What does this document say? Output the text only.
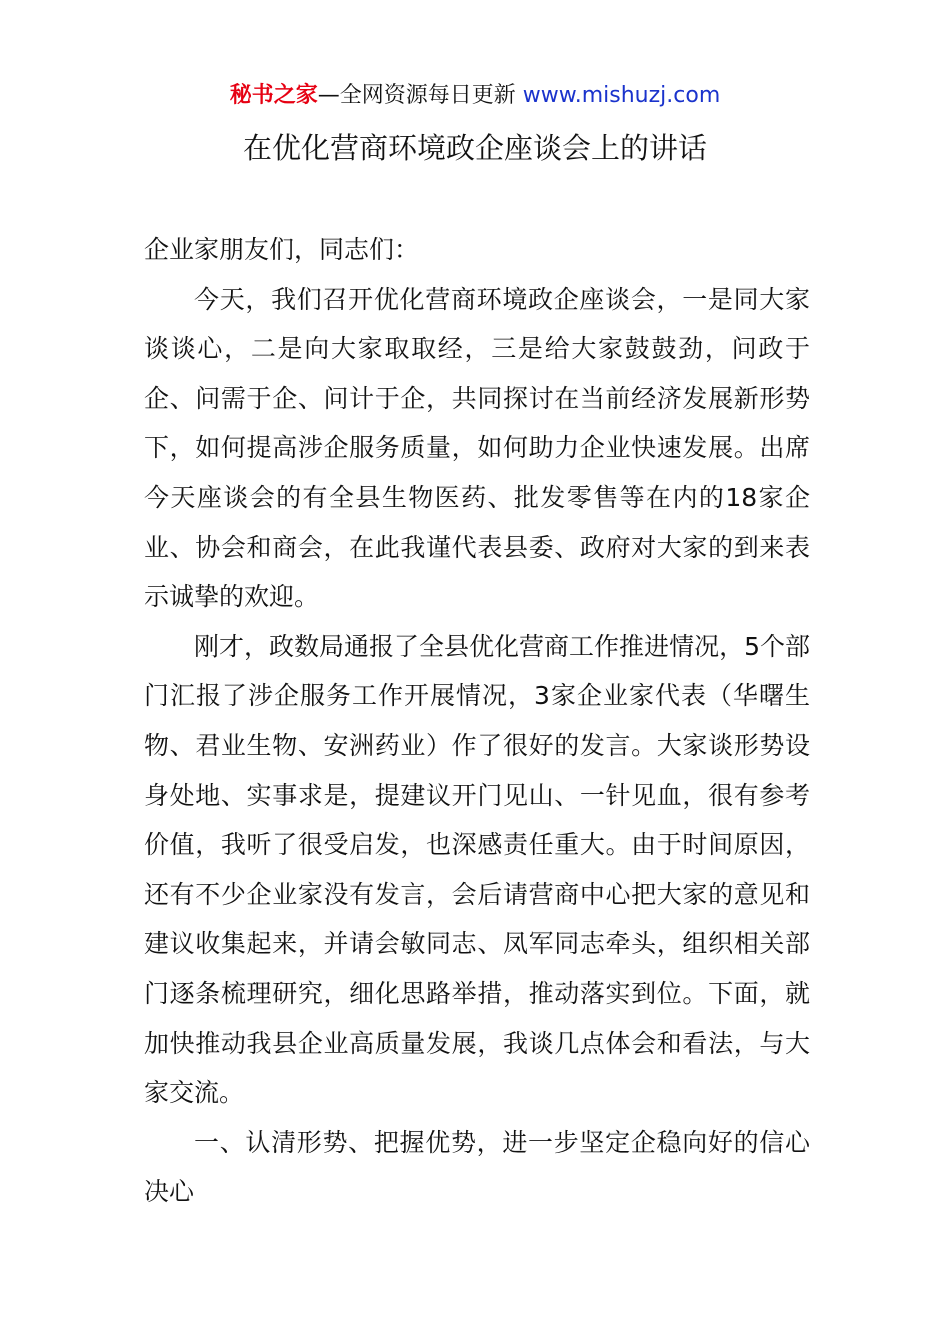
秘书之家—全网资源每日更新 www.mishuzj.com
在优化营商环境政企座谈会上的讲话

企业家朋友们，同志们：

今天，我们召开优化营商环境政企座谈会，一是同大家谈谈心，二是向大家取取经，三是给大家鼓鼓劲，问政于企、问需于企、问计于企，共同探讨在当前经济发展新形势下，如何提高涉企服务质量，如何助力企业快速发展。出席今天座谈会的有全县生物医药、批发零售等在内的18家企业、协会和商会，在此我谨代表县委、政府对大家的到来表示诚挚的欢迎。

刚才，政数局通报了全县优化营商工作推进情况，5个部门汇报了涉企服务工作开展情况，3家企业家代表（华曙生物、君业生物、安洲药业）作了很好的发言。大家谈形势设身处地、实事求是，提建议开门见山、一针见血，很有参考价值，我听了很受启发，也深感责任重大。由于时间原因，还有不少企业家没有发言，会后请营商中心把大家的意见和建议收集起来，并请会敏同志、凤军同志牵头，组织相关部门逐条梳理研究，细化思路举措，推动落实到位。下面，就加快推动我县企业高质量发展，我谈几点体会和看法，与大家交流。

一、认清形势、把握优势，进一步坚定企稳向好的信心决心
